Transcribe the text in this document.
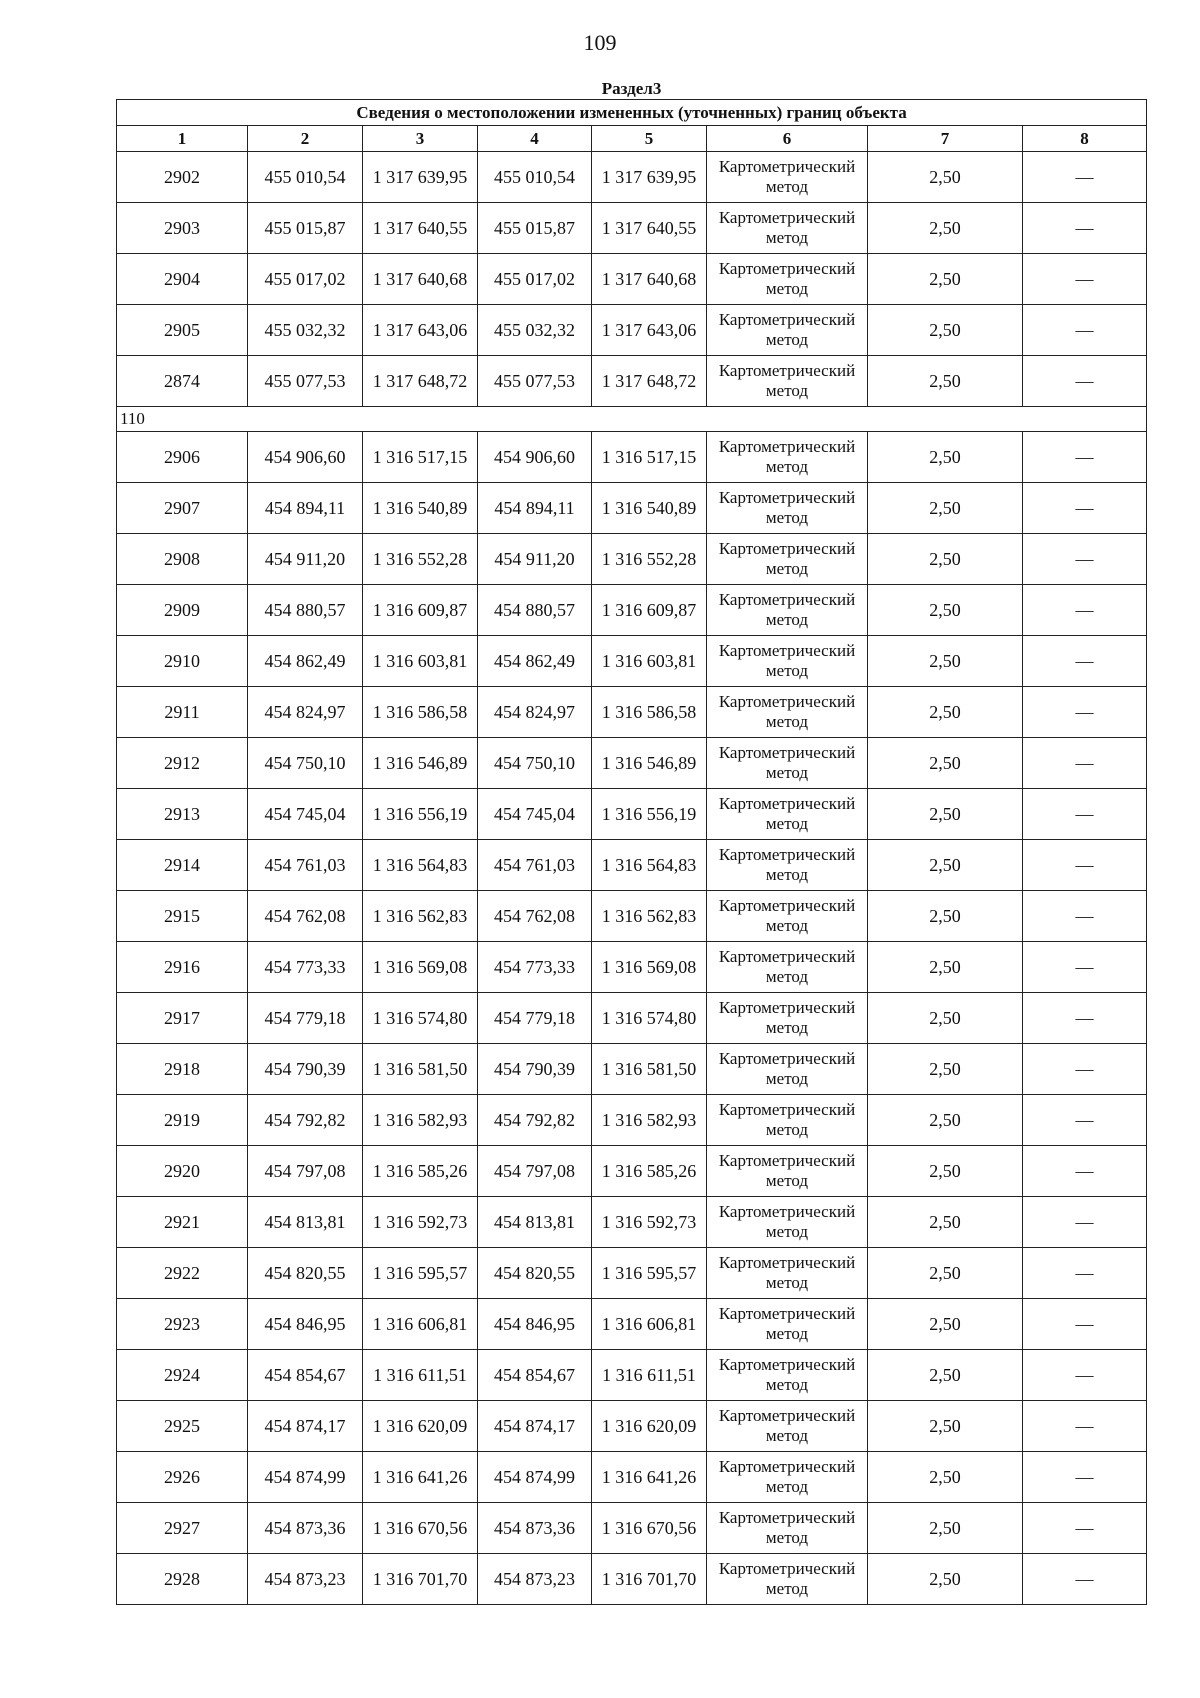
109
Раздел3							
Сведения о местоположении измененных (уточненных) границ объекта							
1	2	3	4	5	6	7	8
2902	455 010,54	1 317 639,95	455 010,54	1 317 639,95	Картометрический метод	2,50	—
2903	455 015,87	1 317 640,55	455 015,87	1 317 640,55	Картометрический метод	2,50	—
2904	455 017,02	1 317 640,68	455 017,02	1 317 640,68	Картометрический метод	2,50	—
2905	455 032,32	1 317 643,06	455 032,32	1 317 643,06	Картометрический метод	2,50	—
2874	455 077,53	1 317 648,72	455 077,53	1 317 648,72	Картометрический метод	2,50	—
110							
2906	454 906,60	1 316 517,15	454 906,60	1 316 517,15	Картометрический метод	2,50	—
2907	454 894,11	1 316 540,89	454 894,11	1 316 540,89	Картометрический метод	2,50	—
2908	454 911,20	1 316 552,28	454 911,20	1 316 552,28	Картометрический метод	2,50	—
2909	454 880,57	1 316 609,87	454 880,57	1 316 609,87	Картометрический метод	2,50	—
2910	454 862,49	1 316 603,81	454 862,49	1 316 603,81	Картометрический метод	2,50	—
2911	454 824,97	1 316 586,58	454 824,97	1 316 586,58	Картометрический метод	2,50	—
2912	454 750,10	1 316 546,89	454 750,10	1 316 546,89	Картометрический метод	2,50	—
2913	454 745,04	1 316 556,19	454 745,04	1 316 556,19	Картометрический метод	2,50	—
2914	454 761,03	1 316 564,83	454 761,03	1 316 564,83	Картометрический метод	2,50	—
2915	454 762,08	1 316 562,83	454 762,08	1 316 562,83	Картометрический метод	2,50	—
2916	454 773,33	1 316 569,08	454 773,33	1 316 569,08	Картометрический метод	2,50	—
2917	454 779,18	1 316 574,80	454 779,18	1 316 574,80	Картометрический метод	2,50	—
2918	454 790,39	1 316 581,50	454 790,39	1 316 581,50	Картометрический метод	2,50	—
2919	454 792,82	1 316 582,93	454 792,82	1 316 582,93	Картометрический метод	2,50	—
2920	454 797,08	1 316 585,26	454 797,08	1 316 585,26	Картометрический метод	2,50	—
2921	454 813,81	1 316 592,73	454 813,81	1 316 592,73	Картометрический метод	2,50	—
2922	454 820,55	1 316 595,57	454 820,55	1 316 595,57	Картометрический метод	2,50	—
2923	454 846,95	1 316 606,81	454 846,95	1 316 606,81	Картометрический метод	2,50	—
2924	454 854,67	1 316 611,51	454 854,67	1 316 611,51	Картометрический метод	2,50	—
2925	454 874,17	1 316 620,09	454 874,17	1 316 620,09	Картометрический метод	2,50	—
2926	454 874,99	1 316 641,26	454 874,99	1 316 641,26	Картометрический метод	2,50	—
2927	454 873,36	1 316 670,56	454 873,36	1 316 670,56	Картометрический метод	2,50	—
2928	454 873,23	1 316 701,70	454 873,23	1 316 701,70	Картометрический метод	2,50	—
